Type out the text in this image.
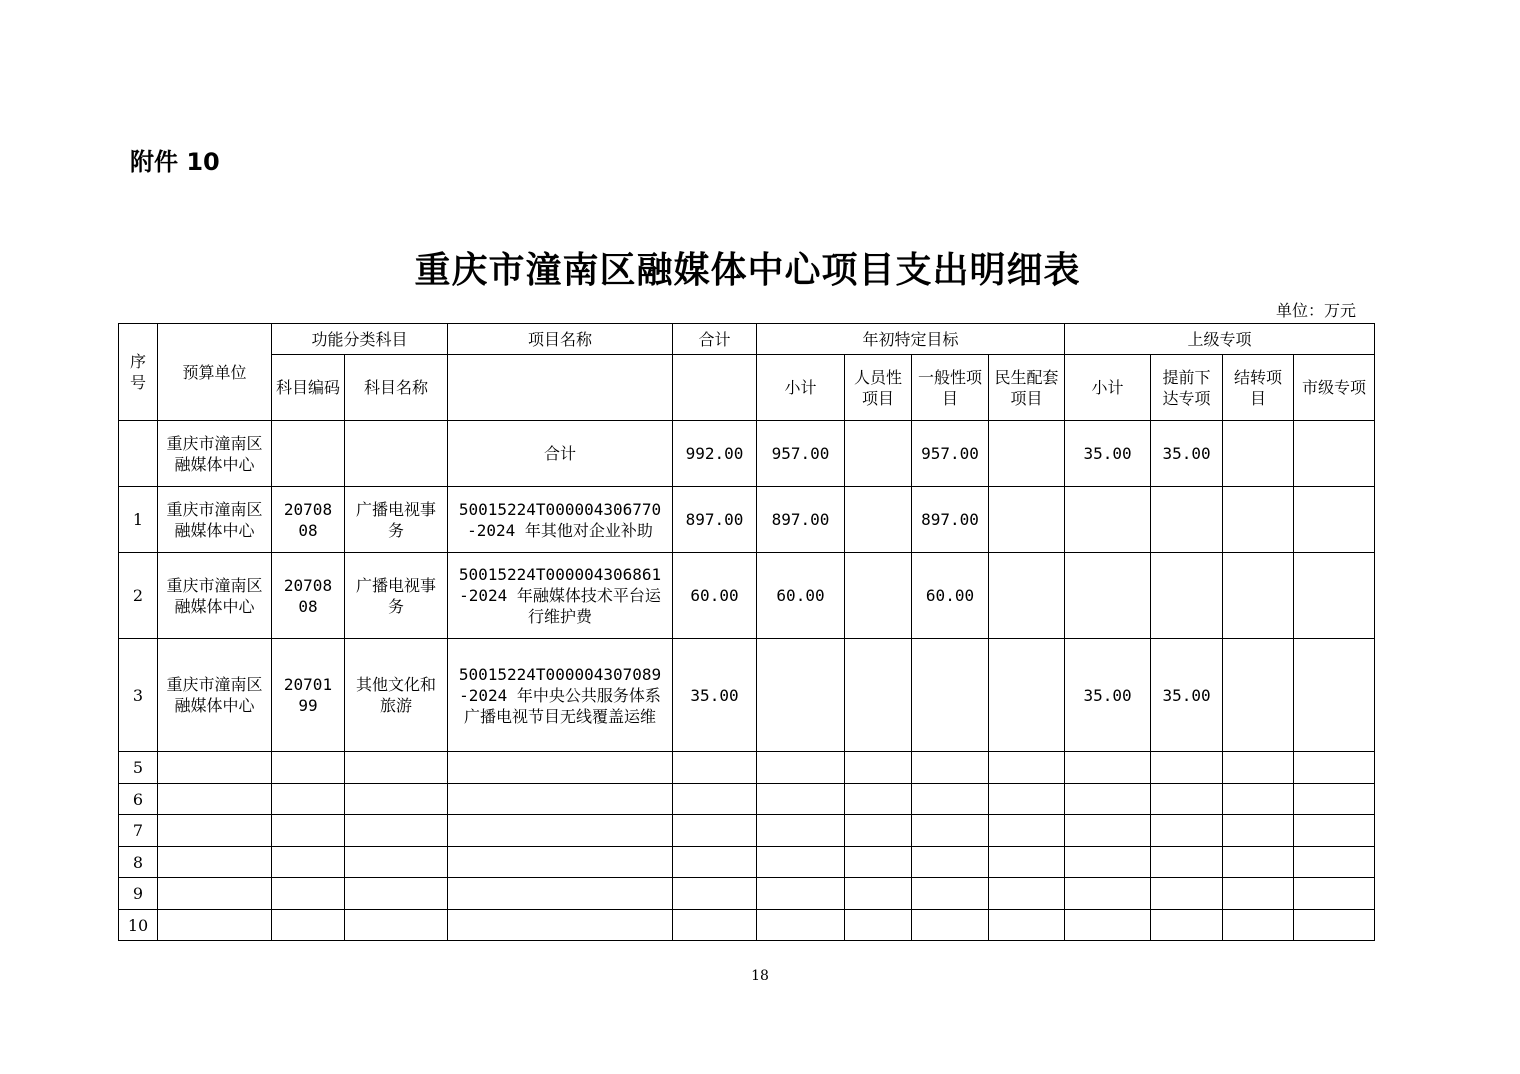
附件 10
重庆市潼南区融媒体中心项目支出明细表
单位：万元
序号	预算单位	功能分类科目		项目名称	合计	年初特定目标				上级专项			
		科目编码	科目名称			小计	人员性项目	一般性项目	民生配套项目	小计	提前下达专项	结转项目	市级专项
	重庆市潼南区融媒体中心			合计	992.00	957.00		957.00		35.00	35.00		
1	重庆市潼南区融媒体中心	20708 08	广播电视事务	50015224T000004306770 -2024 年其他对企业补助	897.00	897.00		897.00					
2	重庆市潼南区融媒体中心	20708 08	广播电视事务	50015224T000004306861 -2024 年融媒体技术平台运行维护费	60.00	60.00		60.00					
3	重庆市潼南区融媒体中心	20701 99	其他文化和旅游	50015224T000004307089 -2024 年中央公共服务体系广播电视节目无线覆盖运维	35.00					35.00	35.00		
5													
6													
7													
8													
9													
10													
18
